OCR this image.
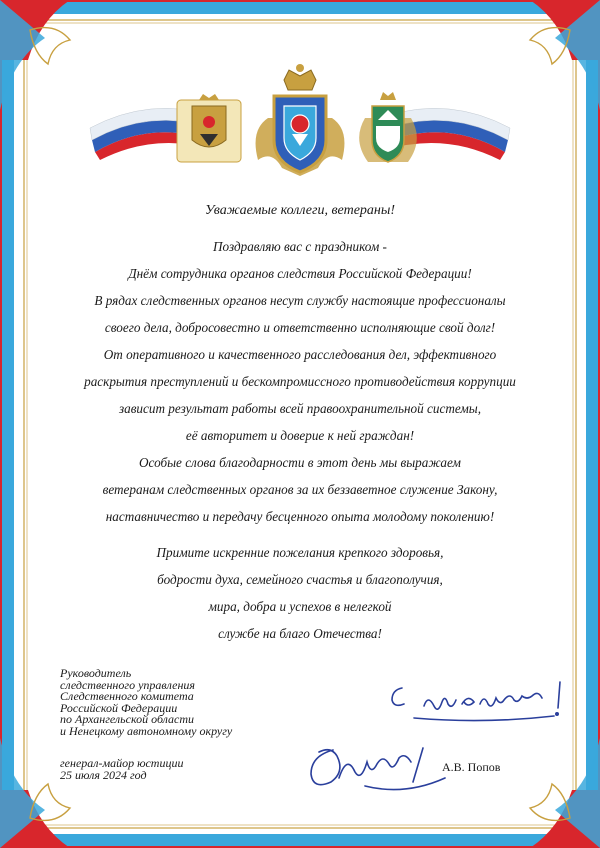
Уважаемые коллеги, ветераны!
Поздравляю вас с праздником -
Днём сотрудника органов следствия Российской Федерации!
В рядах следственных органов несут службу настоящие профессионалы
своего дела, добросовестно и ответственно исполняющие свой долг!
От оперативного и качественного расследования дел, эффективного
раскрытия преступлений и бескомпромиссного противодействия коррупции
зависит результат работы всей правоохранительной системы,
её авторитет и доверие к ней граждан!
Особые слова благодарности в этот день мы выражаем
ветеранам следственных органов за их беззаветное служение Закону,
наставничество и передачу бесценного опыта молодому поколению!
Примите искренние пожелания крепкого здоровья,
бодрости духа, семейного счастья и благополучия,
мира, добра и успехов в нелегкой
службе на благо Отечества!
Руководитель
следственного управления
Следственного комитета
Российской Федерации
по Архангельской области
и Ненецкому автономному округу
генерал-майор юстиции
25 июля 2024 год
А.В. Попов
